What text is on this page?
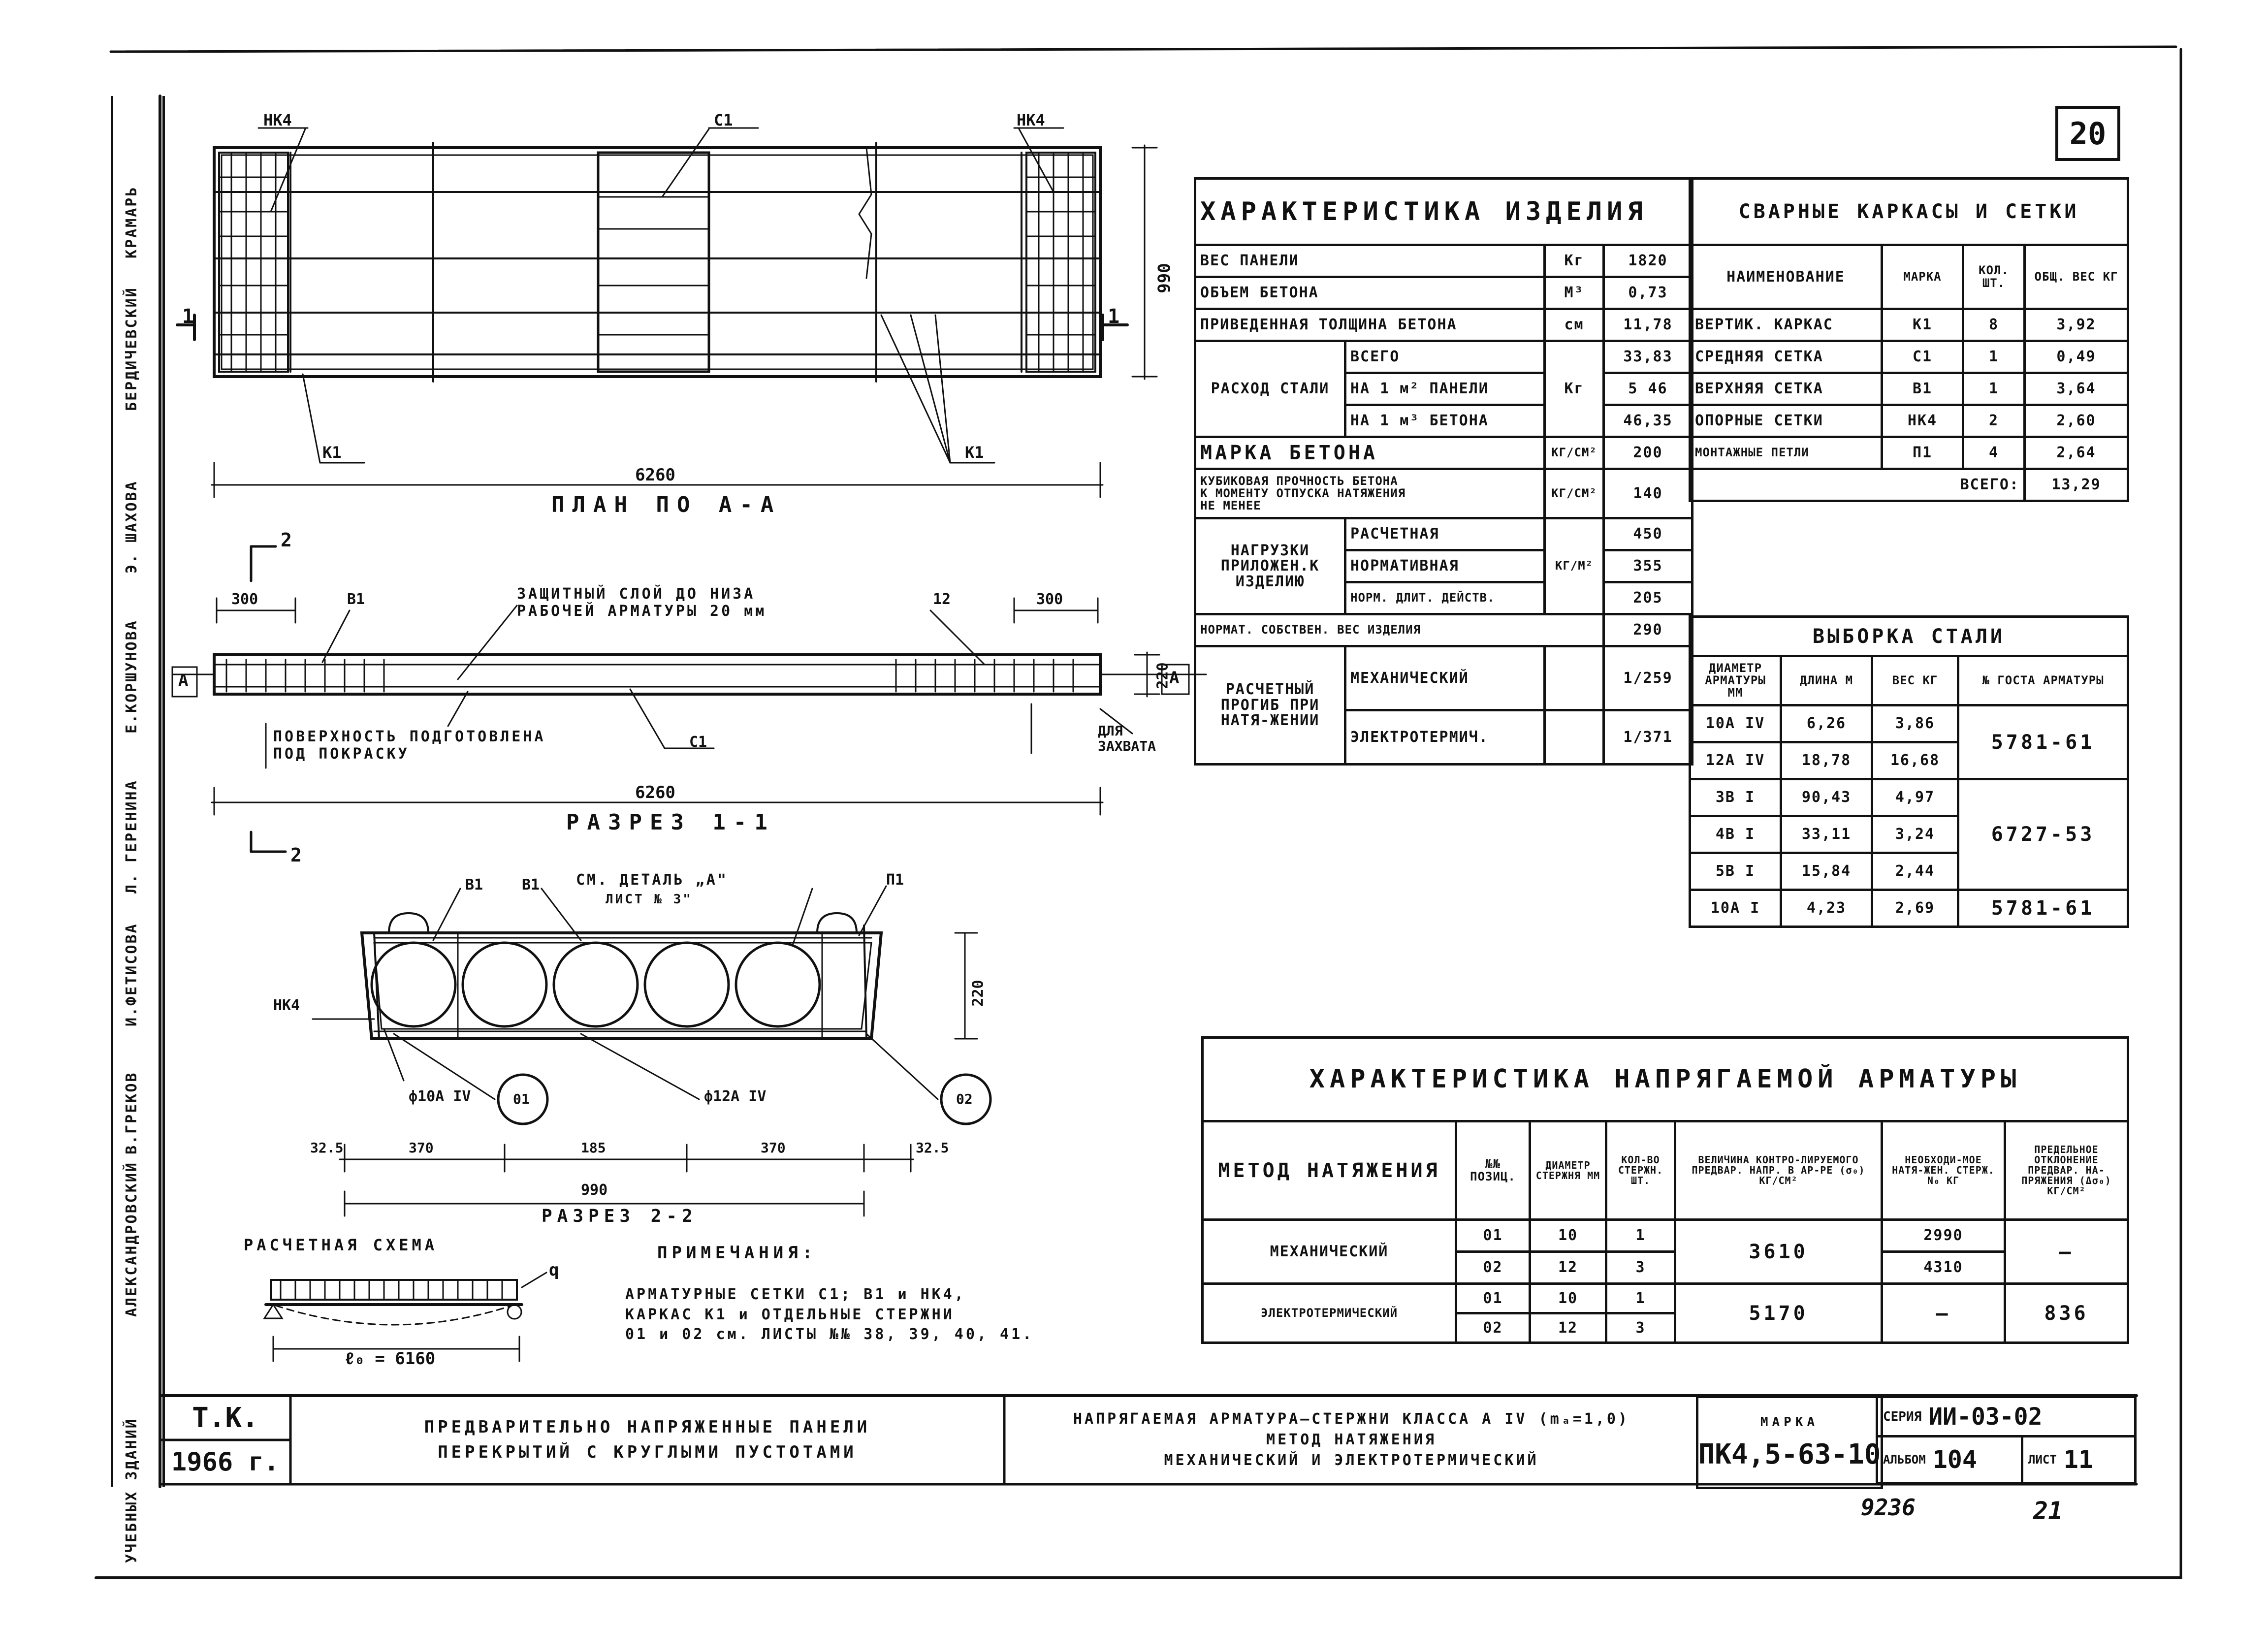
КРАМАРЬ
БЕРДИЧЕВСКИЙ
Э. ШАХОВА
Е.КОРШУНОВА
Л. ГЕРЕНИНА
И.ФЕТИСОВА
В.ГРЕКОВ
АЛЕКСАНДРОВСКИЙ
УЧЕБНЫХ ЗДАНИЙ
20
НК4	С1	НК4
К1	К1
1	1
6260
990
ПЛАН ПО А-А
2
300	В1	12	300
ЗАЩИТНЫЙ СЛОЙ ДО НИЗА
РАБОЧЕЙ АРМАТУРЫ 20 мм
ПОВЕРХНОСТЬ ПОДГОТОВЛЕНА
ПОД ПОКРАСКУ
С1
ДЛЯ
ЗАХВАТА
220
А	А
6260
РАЗРЕЗ 1-1
2
В1	В1 СМ. ДЕТАЛЬ „А"
ЛИСТ № 3"
П1
НК4	220
ф10А IV	ф12А IV
01	02
32.5	370	185	370	32.5
990
РАЗРЕЗ 2-2
РАСЧЕТНАЯ СХЕМА
q
ℓ₀ = 6160
ПРИМЕЧАНИЯ:
АРМАТУРНЫЕ СЕТКИ С1; В1 и НК4,
КАРКАС К1 и ОТДЕЛЬНЫЕ СТЕРЖНИ
01 и 02 см. ЛИСТЫ №№ 38, 39, 40, 41.
ХАРАКТЕРИСТИКА ИЗДЕЛИЯ			
ВЕС ПАНЕЛИ		Кг	1820
ОБЪЕМ БЕТОНА		М³	0,73
ПРИВЕДЕННАЯ ТОЛЩИНА БЕТОНА		см	11,78
РАСХОД СТАЛИ	ВСЕГО	Кг	33,83
	НА 1 м² ПАНЕЛИ		5 46
	НА 1 м³ БЕТОНА		46,35
МАРКА БЕТОНА		КГ/СМ²	200
КУБИКОВАЯ ПРОЧНОСТЬ БЕТОНА
К МОМЕНТУ ОТПУСКА НАТЯЖЕНИЯ
НЕ МЕНЕЕ		КГ/СМ²	140
НАГРУЗКИ ПРИЛОЖЕН.К ИЗДЕЛИЮ	РАСЧЕТНАЯ	КГ/М²	450
	НОРМАТИВНАЯ		355
	НОРМ. ДЛИТ. ДЕЙСТВ.		205
НОРМАТ. СОБСТВЕН. ВЕС ИЗДЕЛИЯ			290
РАСЧЕТНЫЙ ПРОГИБ ПРИ НАТЯ-ЖЕНИИ	МЕХАНИЧЕСКИЙ		1/259
	ЭЛЕКТРОТЕРМИЧ.		1/371
СВАРНЫЕ КАРКАСЫ И СЕТКИ			
НАИМЕНОВАНИЕ	МАРКА	КОЛ. ШТ.	ОБЩ. ВЕС КГ
ВЕРТИК. КАРКАС	К1	8	3,92
СРЕДНЯЯ СЕТКА	С1	1	0,49
ВЕРХНЯЯ СЕТКА	В1	1	3,64
ОПОРНЫЕ СЕТКИ	НК4	2	2,60
МОНТАЖНЫЕ ПЕТЛИ	П1	4	2,64
ВСЕГО:			13,29
ВЫБОРКА СТАЛИ			
ДИАМЕТР АРМАТУРЫ ММ	ДЛИНА М	ВЕС КГ	№ ГОСТА АРМАТУРЫ
10А IV	6,26	3,86	5781-61
12А IV	18,78	16,68	
3В I	90,43	4,97	6727-53
4В I	33,11	3,24	
5В I	15,84	2,44	
10А I	4,23	2,69	5781-61
ХАРАКТЕРИСТИКА НАПРЯГАЕМОЙ АРМАТУРЫ						
МЕТОД НАТЯЖЕНИЯ	№№ ПОЗИЦ.	ДИАМЕТР СТЕРЖНЯ ММ	КОЛ-ВО СТЕРЖН. ШТ.	ВЕЛИЧИНА КОНТРО-ЛИРУЕМОГО ПРЕДВАР. НАПР. В АР-РЕ (σ₀) КГ/СМ²	НЕОБХОДИ-МОЕ НАТЯ-ЖЕН. СТЕРЖ. N₀ КГ	ПРЕДЕЛЬНОЕ ОТКЛОНЕНИЕ ПРЕДВАР. НА-ПРЯЖЕНИЯ (Δσ₀) КГ/СМ²
МЕХАНИЧЕСКИЙ	01	10	1	3610	2990	—
	02	12	3		4310	
ЭЛЕКТРОТЕРМИЧЕСКИЙ	01	10	1	5170	—	836
	02	12	3			
Т.К.
1966 г.
ПРЕДВАРИТЕЛЬНО НАПРЯЖЕННЫЕ ПАНЕЛИ
ПЕРЕКРЫТИЙ С КРУГЛЫМИ ПУСТОТАМИ
НАПРЯГАЕМАЯ АРМАТУРА–СТЕРЖНИ КЛАССА А IV (mₐ=1,0)
МЕТОД НАТЯЖЕНИЯ
МЕХАНИЧЕСКИЙ И ЭЛЕКТРОТЕРМИЧЕСКИЙ
МАРКА
ПК4,5-63-10
СЕРИЯ ИИ-03-02
АЛЬБОМ 104	ЛИСТ 11
9236	21
